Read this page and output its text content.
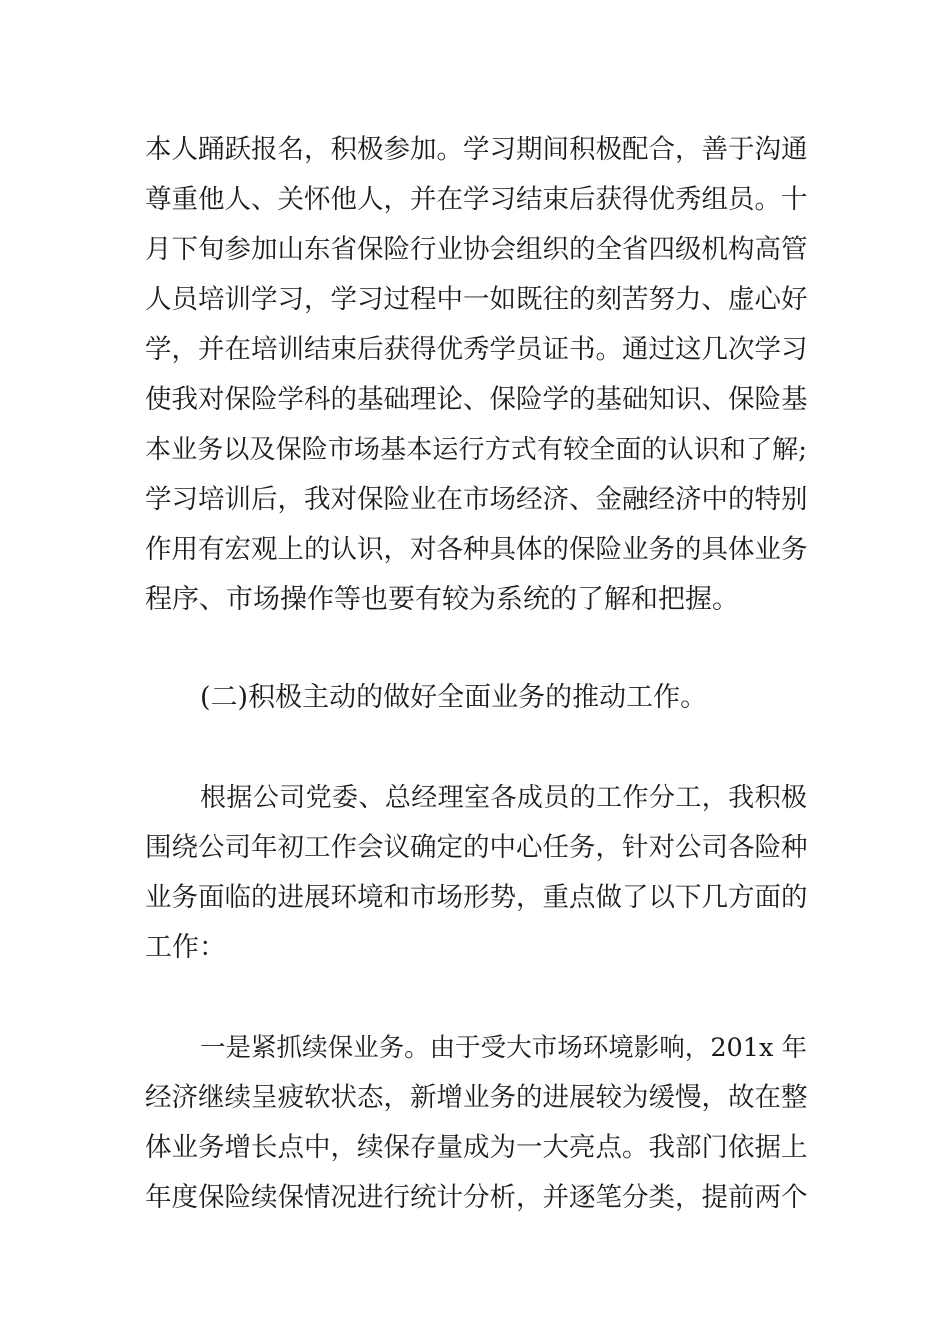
本人踊跃报名，积极参加。学习期间积极配合，善于沟通
尊重他人、关怀他人，并在学习结束后获得优秀组员。十
月下旬参加山东省保险行业协会组织的全省四级机构高管
人员培训学习，学习过程中一如既往的刻苦努力、虚心好
学，并在培训结束后获得优秀学员证书。通过这几次学习
使我对保险学科的基础理论、保险学的基础知识、保险基
本业务以及保险市场基本运行方式有较全面的认识和了解;
学习培训后，我对保险业在市场经济、金融经济中的特别
作用有宏观上的认识，对各种具体的保险业务的具体业务
程序、市场操作等也要有较为系统的了解和把握。
(二)积极主动的做好全面业务的推动工作。
根据公司党委、总经理室各成员的工作分工，我积极
围绕公司年初工作会议确定的中心任务，针对公司各险种
业务面临的进展环境和市场形势，重点做了以下几方面的
工作：
一是紧抓续保业务。由于受大市场环境影响，201x 年
经济继续呈疲软状态，新增业务的进展较为缓慢，故在整
体业务增长点中，续保存量成为一大亮点。我部门依据上
年度保险续保情况进行统计分析，并逐笔分类，提前两个
